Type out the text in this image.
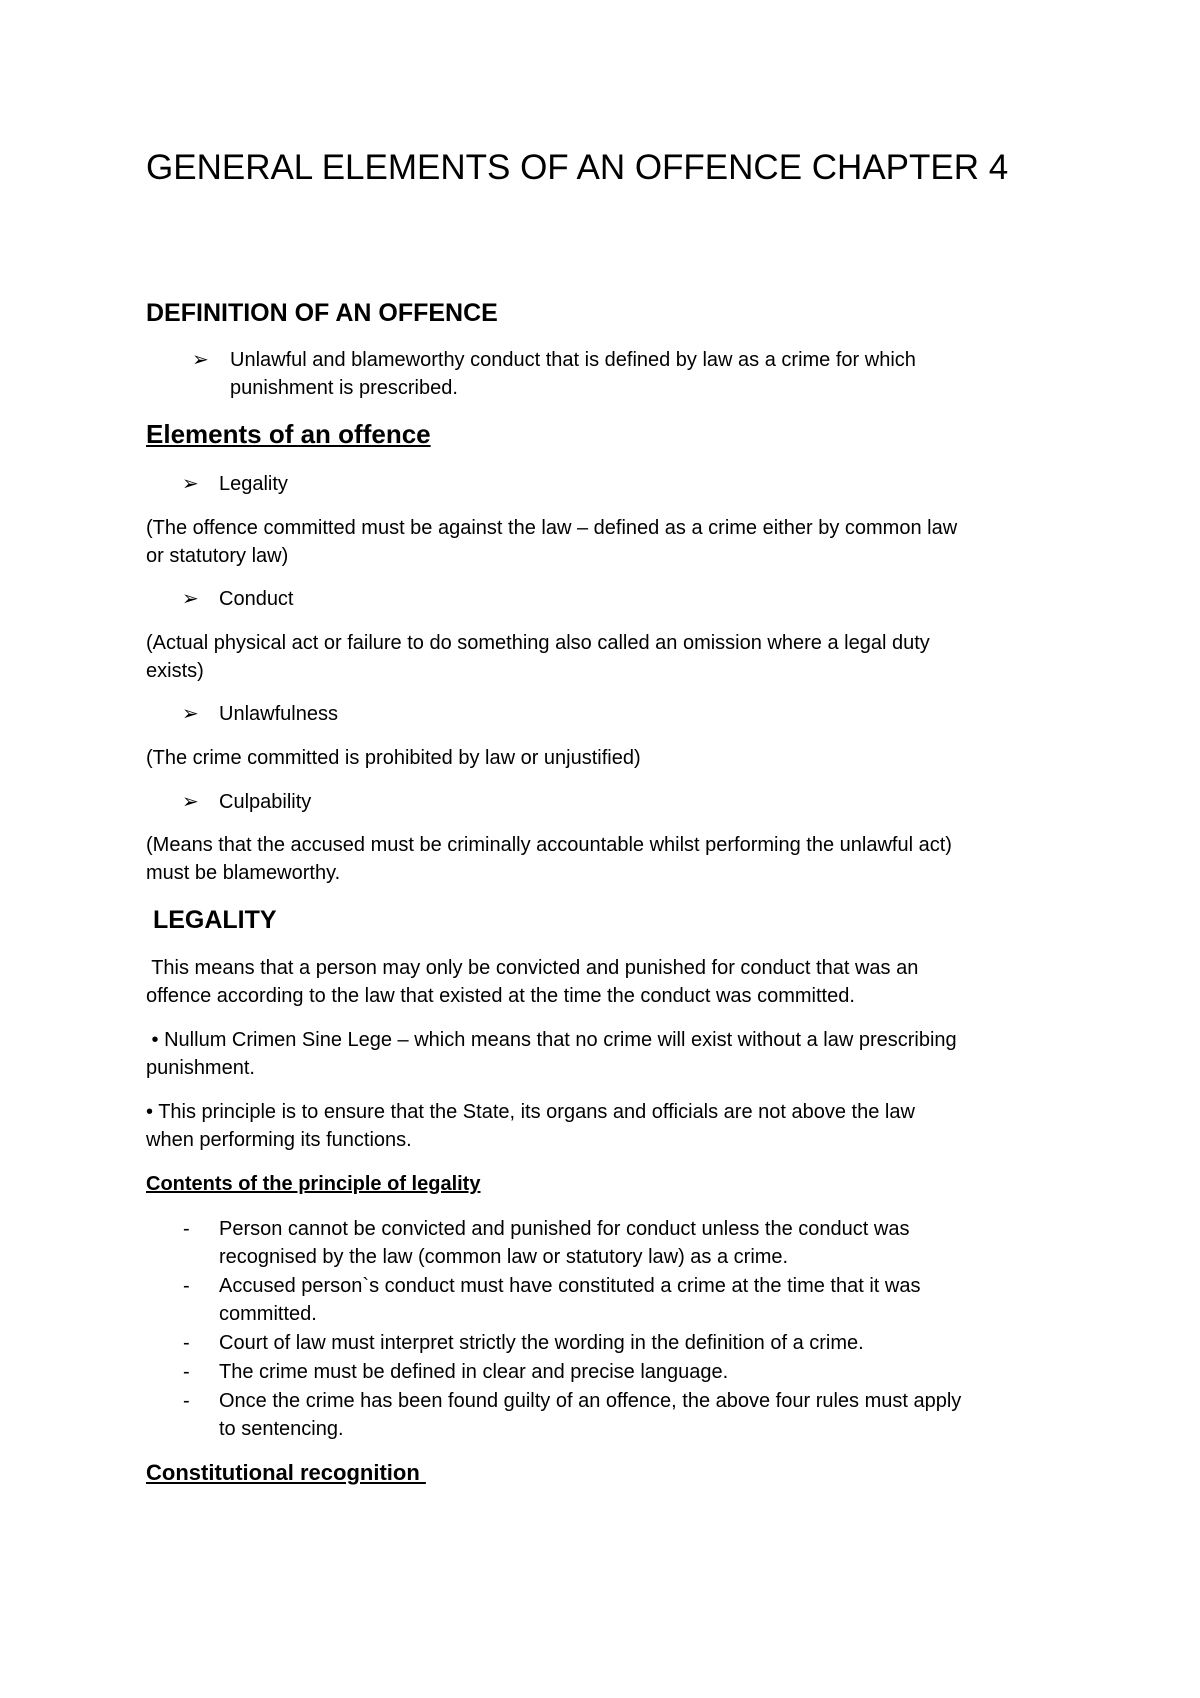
GENERAL ELEMENTS OF AN OFFENCE CHAPTER 4
DEFINITION OF AN OFFENCE
➢ Unlawful and blameworthy conduct that is defined by law as a crime for which
punishment is prescribed.
Elements of an offence
➢ Legality
(The offence committed must be against the law – defined as a crime either by common law
or statutory law)
➢ Conduct
(Actual physical act or failure to do something also called an omission where a legal duty
exists)
➢ Unlawfulness
(The crime committed is prohibited by law or unjustified)
➢ Culpability
(Means that the accused must be criminally accountable whilst performing the unlawful act)
must be blameworthy.
LEGALITY
This means that a person may only be convicted and punished for conduct that was an
offence according to the law that existed at the time the conduct was committed.
• Nullum Crimen Sine Lege – which means that no crime will exist without a law prescribing
punishment.
• This principle is to ensure that the State, its organs and officials are not above the law
when performing its functions.
Contents of the principle of legality
- Person cannot be convicted and punished for conduct unless the conduct was
recognised by the law (common law or statutory law) as a crime.
- Accused person`s conduct must have constituted a crime at the time that it was
committed.
- Court of law must interpret strictly the wording in the definition of a crime.
- The crime must be defined in clear and precise language.
- Once the crime has been found guilty of an offence, the above four rules must apply
to sentencing.
Constitutional recognition
